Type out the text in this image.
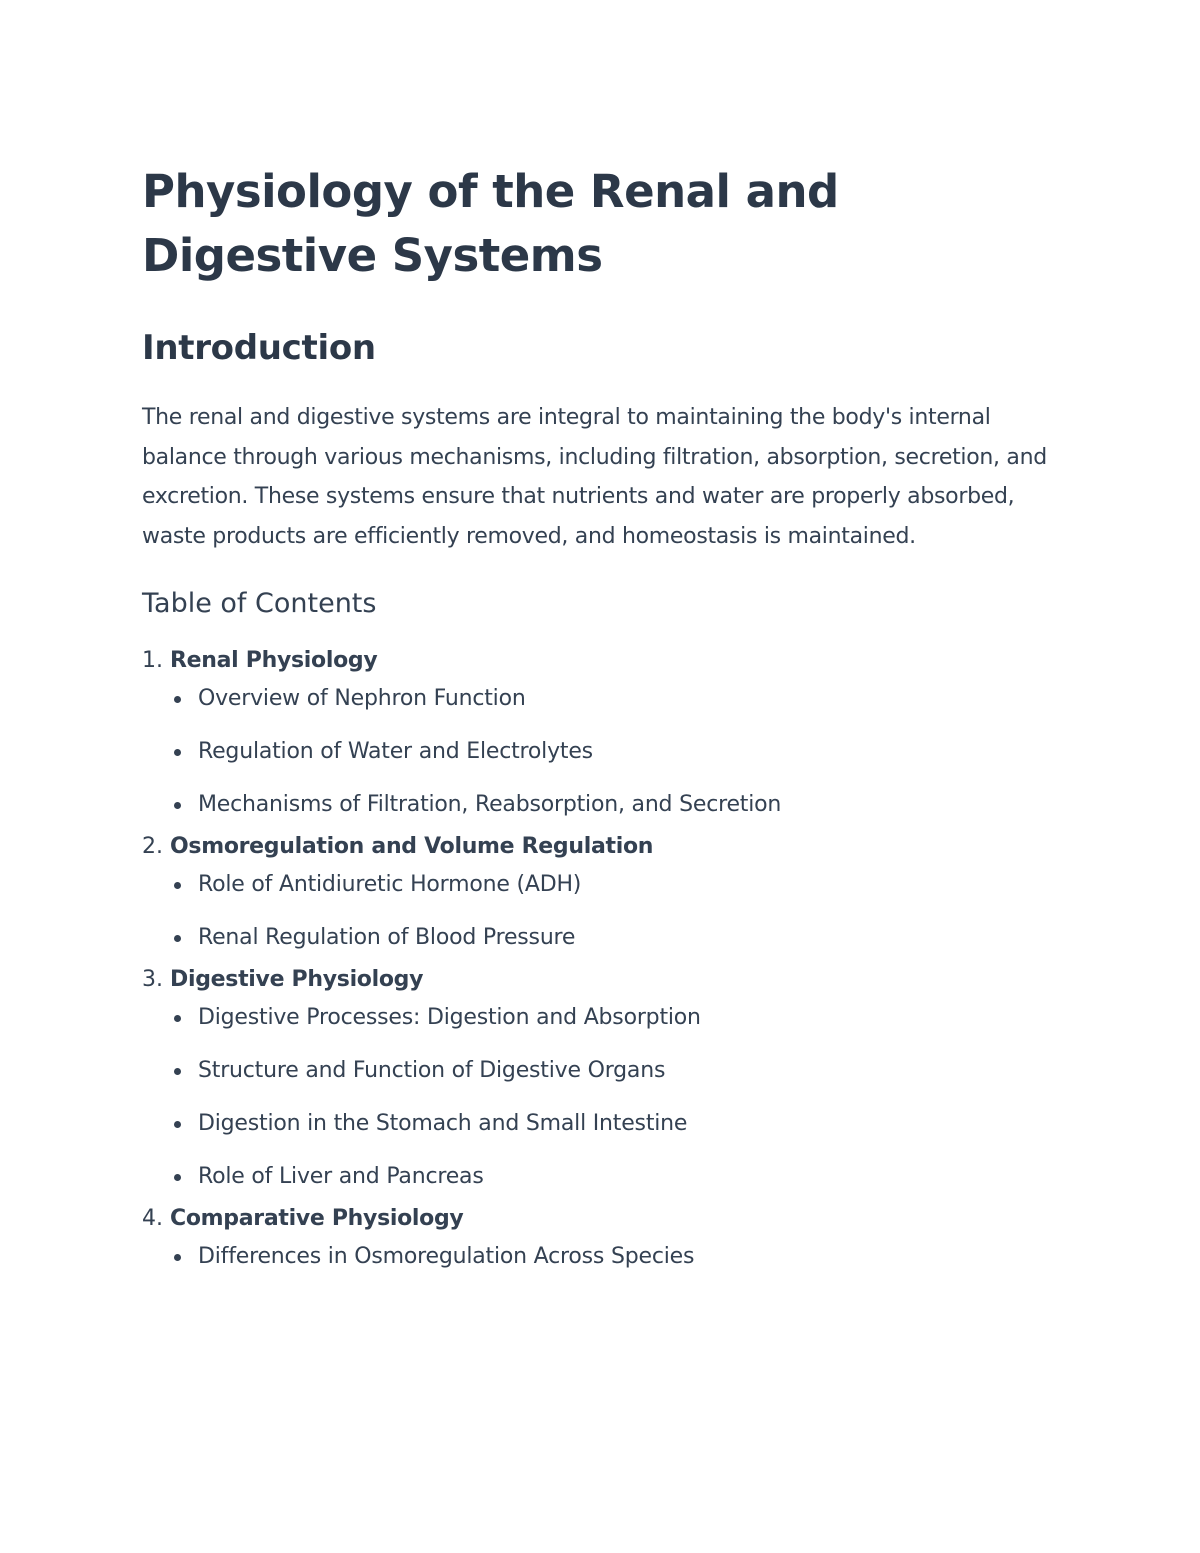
Physiology of the Renal and Digestive Systems
Introduction

The renal and digestive systems are integral to maintaining the body's internal balance through various mechanisms, including filtration, absorption, secretion, and excretion. These systems ensure that nutrients and water are properly absorbed, waste products are efficiently removed, and homeostasis is maintained.

Table of Contents
1. Renal Physiology
Overview of Nephron Function
Regulation of Water and Electrolytes
Mechanisms of Filtration, Reabsorption, and Secretion
2. Osmoregulation and Volume Regulation
Role of Antidiuretic Hormone (ADH)
Renal Regulation of Blood Pressure
3. Digestive Physiology
Digestive Processes: Digestion and Absorption
Structure and Function of Digestive Organs
Digestion in the Stomach and Small Intestine
Role of Liver and Pancreas
4. Comparative Physiology
Differences in Osmoregulation Across Species
